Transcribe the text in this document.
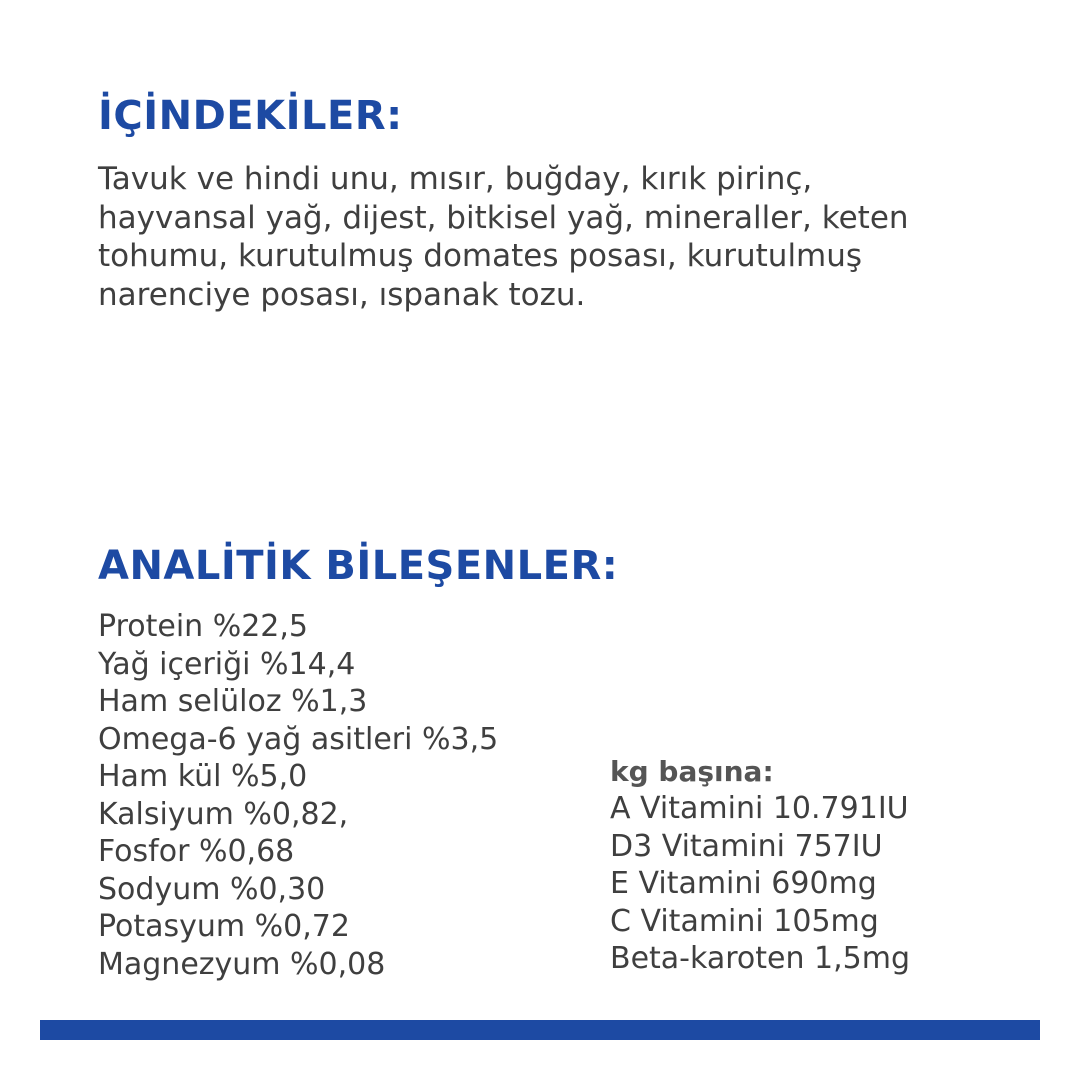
İÇİNDEKİLER:

Tavuk ve hindi unu, mısır, buğday, kırık pirinç,
hayvansal yağ, dijest, bitkisel yağ, mineraller, keten
tohumu, kurutulmuş domates posası, kurutulmuş
narenciye posası, ıspanak tozu.

ANALİTİK BİLEŞENLER:
Protein %22,5
Yağ içeriği %14,4
Ham selüloz %1,3
Omega-6 yağ asitleri %3,5
Ham kül %5,0
Kalsiyum %0,82,
Fosfor %0,68
Sodyum %0,30
Potasyum %0,72
Magnezyum %0,08

kg başına:

A Vitamini 10.791IU
D3 Vitamini 757IU
E Vitamini 690mg
C Vitamini 105mg
Beta-karoten 1,5mg
